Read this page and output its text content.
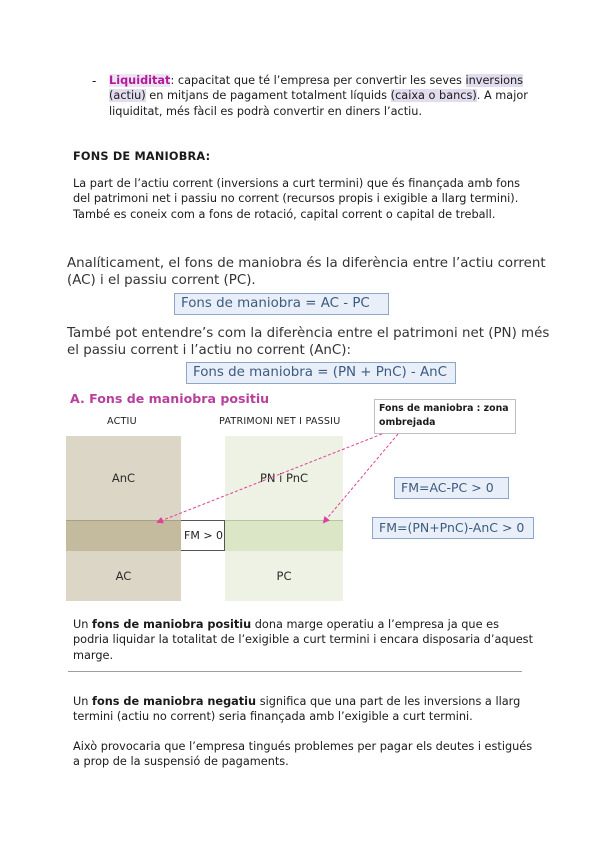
- Liquiditat: capacitat que té l’empresa per convertir les seves inversions (actiu) en mitjans de pagament totalment líquids (caixa o bancs). A major liquiditat, més fàcil es podrà convertir en diners l’actiu.
FONS DE MANIOBRA:
La part de l’actiu corrent (inversions a curt termini) que és finançada amb fons del patrimoni net i passiu no corrent (recursos propis i exigible a llarg termini). També es coneix com a fons de rotació, capital corrent o capital de treball.
Analíticament, el fons de maniobra és la diferència entre l’actiu corrent (AC) i el passiu corrent (PC).
Fons de maniobra = AC - PC
També pot entendre’s com la diferència entre el patrimoni net (PN) més el passiu corrent i l’actiu no corrent (AnC):
Fons de maniobra = (PN + PnC) - AnC
A. Fons de maniobra positiu
ACTIU	PATRIMONI NET I PASSIU
Fons de maniobra : zona ombrejada
AnC
AC
FM > 0
PN i PnC
PC
FM=AC-PC > 0
FM=(PN+PnC)-AnC > 0
Un fons de maniobra positiu dona marge operatiu a l’empresa ja que es podria liquidar la totalitat de l’exigible a curt termini i encara disposaria d’aquest marge.
Un fons de maniobra negatiu significa que una part de les inversions a llarg termini (actiu no corrent) seria finançada amb l’exigible a curt termini.
Això provocaria que l’empresa tingués problemes per pagar els deutes i estigués a prop de la suspensió de pagaments.
